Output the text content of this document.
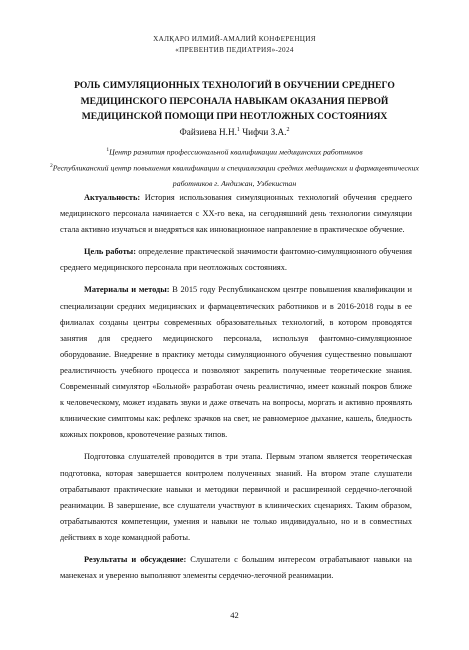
ХАЛҚАРО ИЛМИЙ-АМАЛИЙ КОНФЕРЕНЦИЯ
«ПРЕВЕНТИВ ПЕДИАТРИЯ»-2024
РОЛЬ СИМУЛЯЦИОННЫХ ТЕХНОЛОГИЙ В ОБУЧЕНИИ СРЕДНЕГО МЕДИЦИНСКОГО ПЕРСОНАЛА НАВЫКАМ ОКАЗАНИЯ ПЕРВОЙ МЕДИЦИНСКОЙ ПОМОЩИ ПРИ НЕОТЛОЖНЫХ СОСТОЯНИЯХ
Файзиева Н.Н.$^1$ Чифчи З.А.$^2$
$^1$Центр развития профессиональной квалификации медицинских работников
$^2$Республиканский центр повышения квалификации и специализации средних медицинских и фармацевтических работников г. Андижан, Узбекистан

Актуальность: История использования симуляционных технологий обучения среднего медицинского персонала начинается с XX-го века, на сегодняшний день технологии симуляции стала активно изучаться и внедряться как инновационное направление в практическое обучение.

Цель работы: определение практической значимости фантомно-симуляционного обучения среднего медицинского персонала при неотложных состояниях.

Материалы и методы: В 2015 году Республиканском центре повышения квалификации и специализации средних медицинских и фармацевтических работников и в 2016-2018 годы в ее филиалах созданы центры современных образовательных технологий, в котором проводятся занятия для среднего медицинского персонала, используя фантомно-симуляционное оборудование. Внедрение в практику методы симуляционного обучения существенно повышают реалистичность учебного процесса и позволяют закрепить полученные теоретические знания. Современный симулятор «Больной» разработан очень реалистично, имеет кожный покров ближе к человеческому, может издавать звуки и даже отвечать на вопросы, моргать и активно проявлять клинические симптомы как: рефлекс зрачков на свет, не равномерное дыхание, кашель, бледность кожных покровов, кровотечение разных типов.

Подготовка слушателей проводится в три этапа. Первым этапом является теоретическая подготовка, которая завершается контролем полученных знаний. На втором этапе слушатели отрабатывают практические навыки и методики первичной и расширенной сердечно-легочной реанимации. В завершение, все слушатели участвуют в клинических сценариях. Таким образом, отрабатываются компетенции, умения и навыки не только индивидуально, но и в совместных действиях в ходе командной работы.

Результаты и обсуждение: Слушатели с большим интересом отрабатывают навыки на манекенах и уверенно выполняют элементы сердечно-легочной реанимации.

42
